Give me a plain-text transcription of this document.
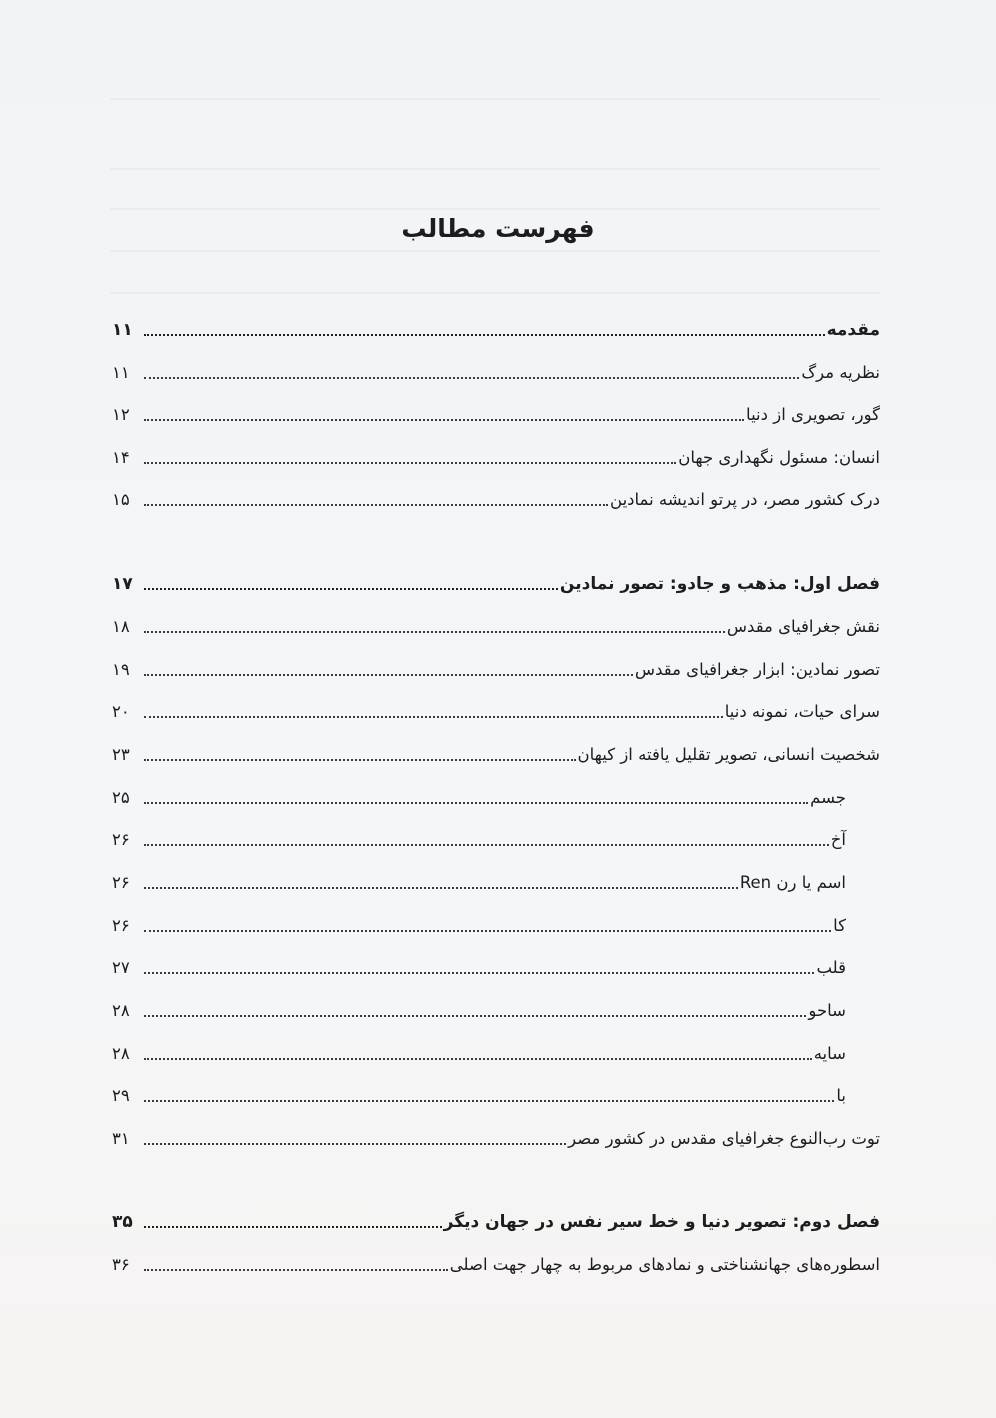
فهرست مطالب
مقدمه
۱۱
نظریه مرگ
۱۱
گور، تصویری از دنیا
۱۲
انسان: مسئول نگهداری جهان
۱۴
درک کشور مصر، در پرتو اندیشه نمادین
۱۵
فصل اول: مذهب و جادو: تصور نمادین
۱۷
نقش جغرافیای مقدس
۱۸
تصور نمادین: ابزار جغرافیای مقدس
۱۹
سرای حیات، نمونه دنیا
۲۰
شخصیت انسانی، تصویر تقلیل یافته از کیهان
۲۳
جسم
۲۵
آخ
۲۶
اسم یا رن Ren
۲۶
کا
۲۶
قلب
۲۷
ساحو
۲۸
سایه
۲۸
با
۲۹
توت رب‌النوع جغرافیای مقدس در کشور مصر
۳۱
فصل دوم: تصویر دنیا و خط سیر نفس در جهان دیگر
۳۵
اسطوره‌های جهانشناختی و نمادهای مربوط به چهار جهت اصلی
۳۶
